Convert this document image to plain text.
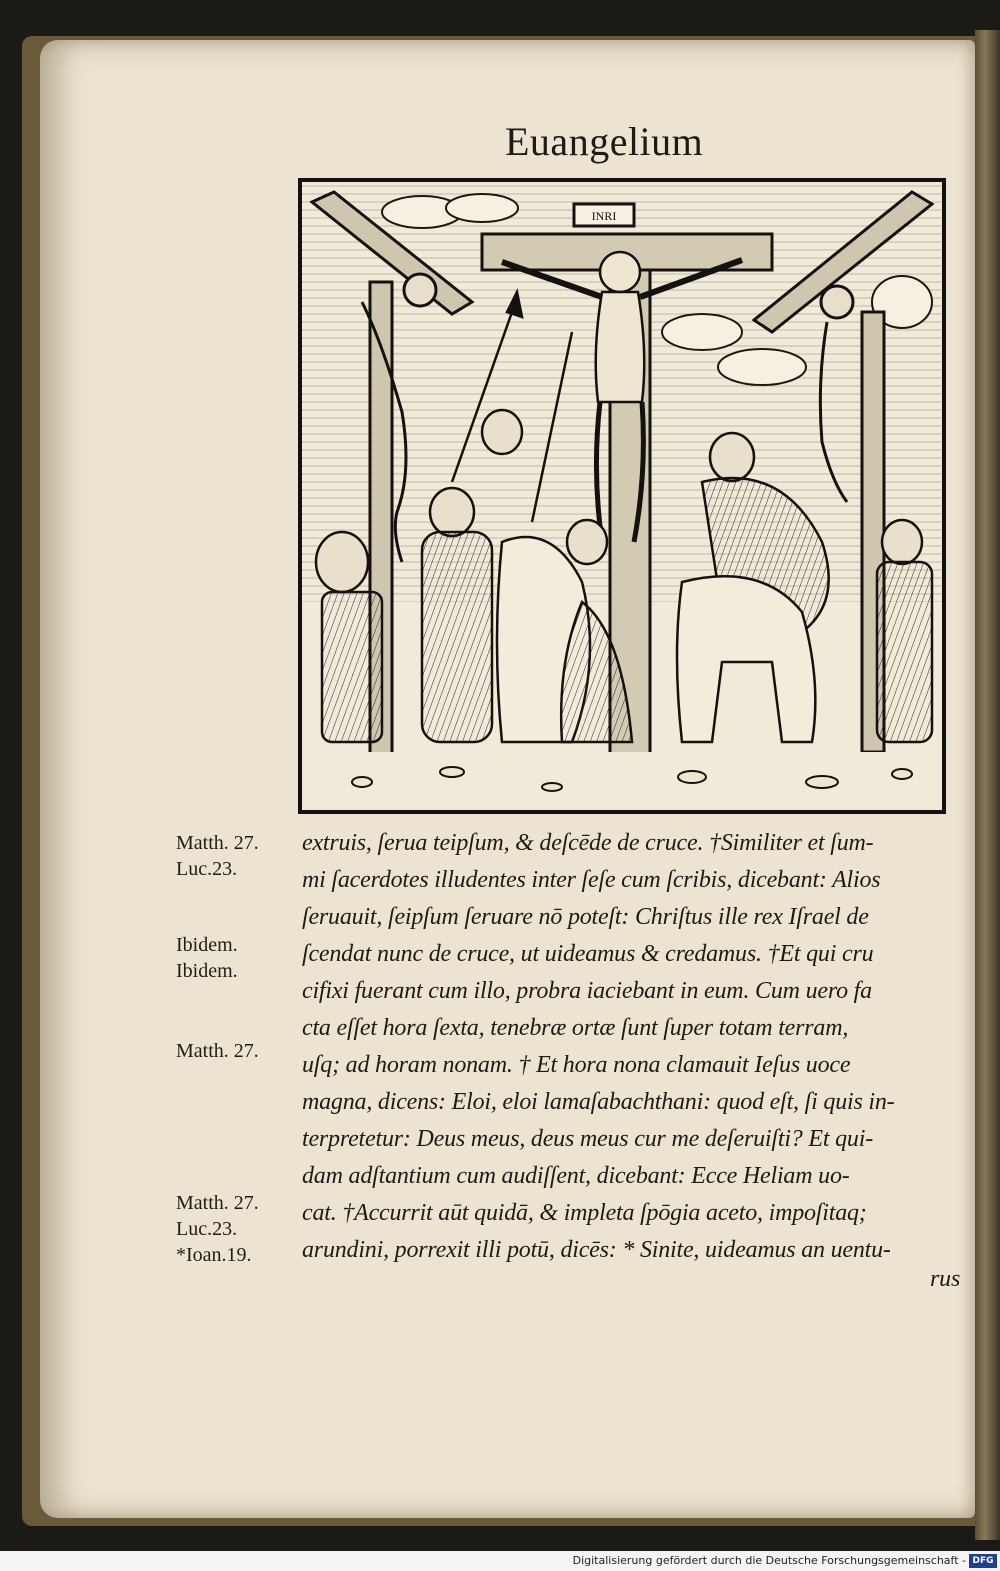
Euangelium
INRI
Matth. 27.
Luc.23.
Ibidem.
Ibidem.
Matth. 27.
Matth. 27.
Luc.23.
*Ioan.19.
extruis, ſerua teipſum, & deſcēde de cruce. †Similiter et ſum-
mi ſacerdotes illudentes inter ſeſe cum ſcribis, dicebant: Alios
ſeruauit, ſeipſum ſeruare nō poteſt: Chriſtus ille rex Iſrael de
ſcendat nunc de cruce, ut uideamus & credamus. †Et qui cru
cifixi fuerant cum illo, probra iaciebant in eum. Cum uero fa
cta eſſet hora ſexta, tenebræ ortæ ſunt ſuper totam terram,
uſq; ad horam nonam. † Et hora nona clamauit Ieſus uoce
magna, dicens: Eloi, eloi lamaſabachthani: quod eſt, ſi quis in-
terpretetur: Deus meus, deus meus cur me deſeruiſti? Et qui-
dam adſtantium cum audiſſent, dicebant: Ecce Heliam uo-
cat. †Accurrit aūt quidā, & impleta ſpōgia aceto, impoſitaq;
arundini, porrexit illi potū, dicēs: * Sinite, uideamus an uentu-
rus
Digitalisierung gefördert durch die Deutsche Forschungsgemeinschaft - DFG
